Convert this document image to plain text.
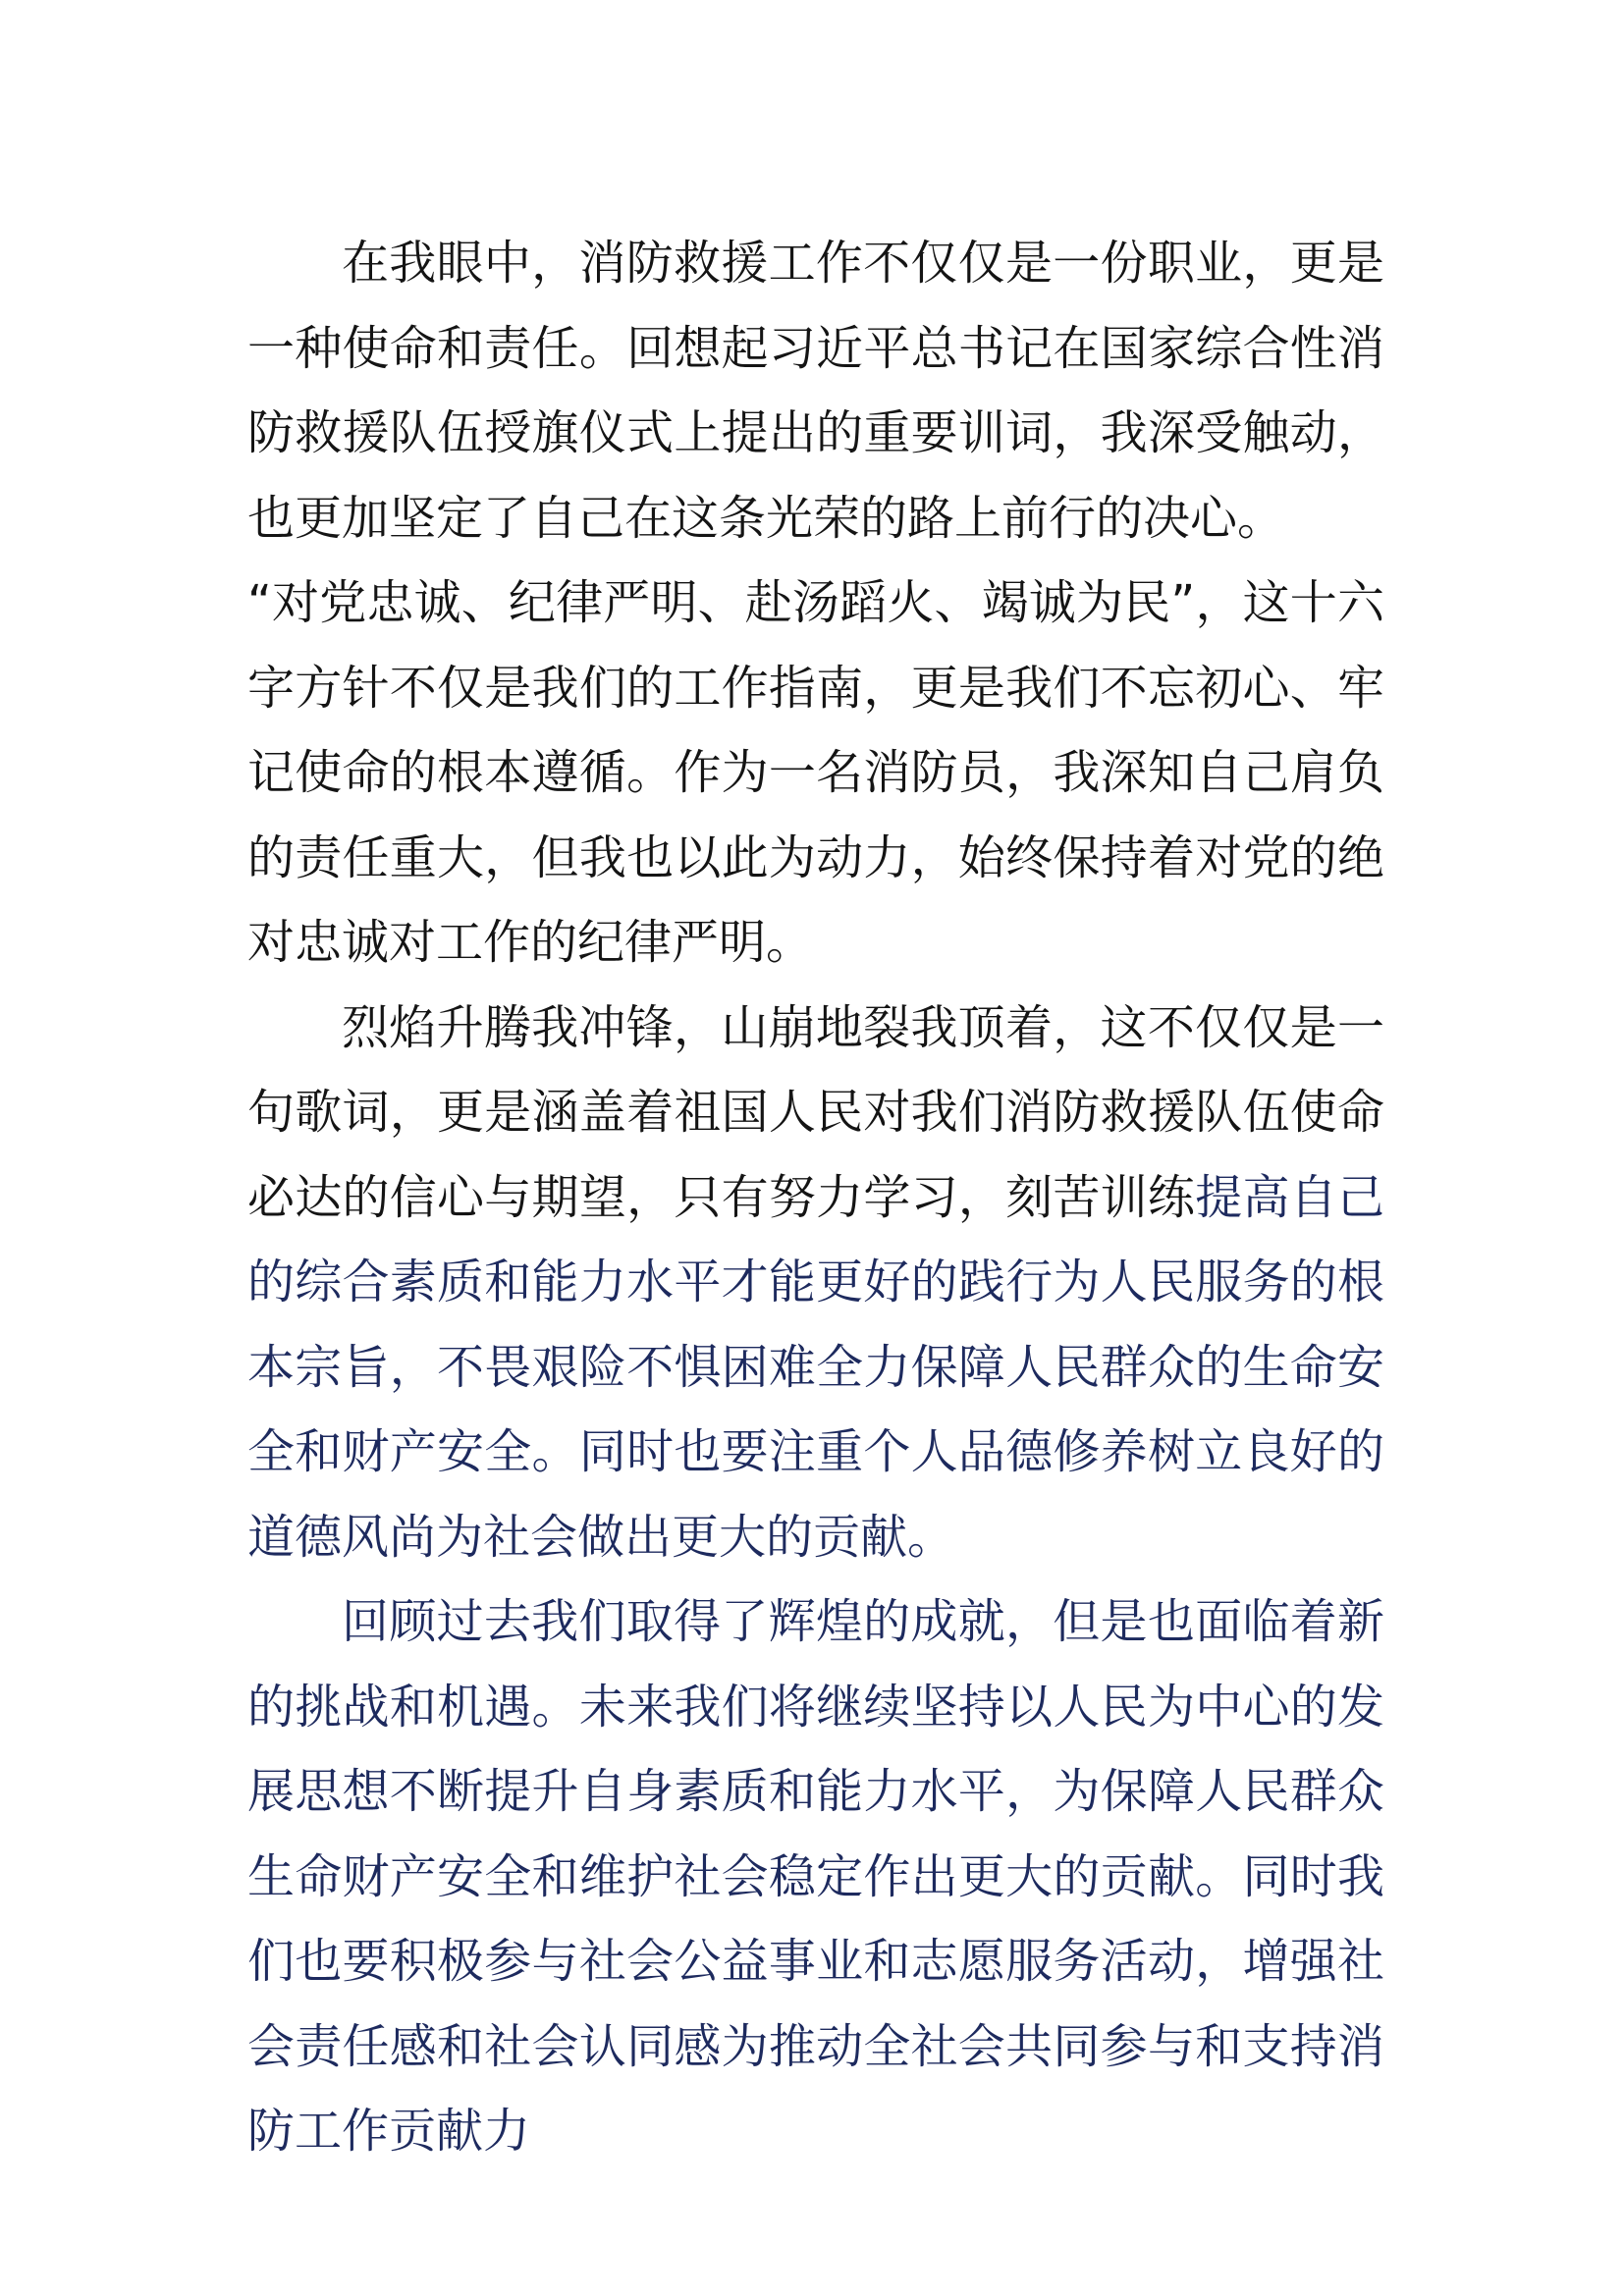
在我眼中，消防救援工作不仅仅是一份职业，更是一种使命和责任。回想起习近平总书记在国家综合性消防救援队伍授旗仪式上提出的重要训词，我深受触动，也更加坚定了自己在这条光荣的路上前行的决心。

“对党忠诚、纪律严明、赴汤蹈火、竭诚为民”，这十六字方针不仅是我们的工作指南，更是我们不忘初心、牢记使命的根本遵循。作为一名消防员，我深知自己肩负的责任重大，但我也以此为动力，始终保持着对党的绝对忠诚对工作的纪律严明。

烈焰升腾我冲锋，山崩地裂我顶着，这不仅仅是一句歌词，更是涵盖着祖国人民对我们消防救援队伍使命必达的信心与期望，只有努力学习，刻苦训练提高自己的综合素质和能力水平才能更好的践行为人民服务的根本宗旨，不畏艰险不惧困难全力保障人民群众的生命安全和财产安全。同时也要注重个人品德修养树立良好的道德风尚为社会做出更大的贡献。

回顾过去我们取得了辉煌的成就，但是也面临着新的挑战和机遇。未来我们将继续坚持以人民为中心的发展思想不断提升自身素质和能力水平，为保障人民群众生命财产安全和维护社会稳定作出更大的贡献。同时我们也要积极参与社会公益事业和志愿服务活动，增强社会责任感和社会认同感为推动全社会共同参与和支持消防工作贡献力
